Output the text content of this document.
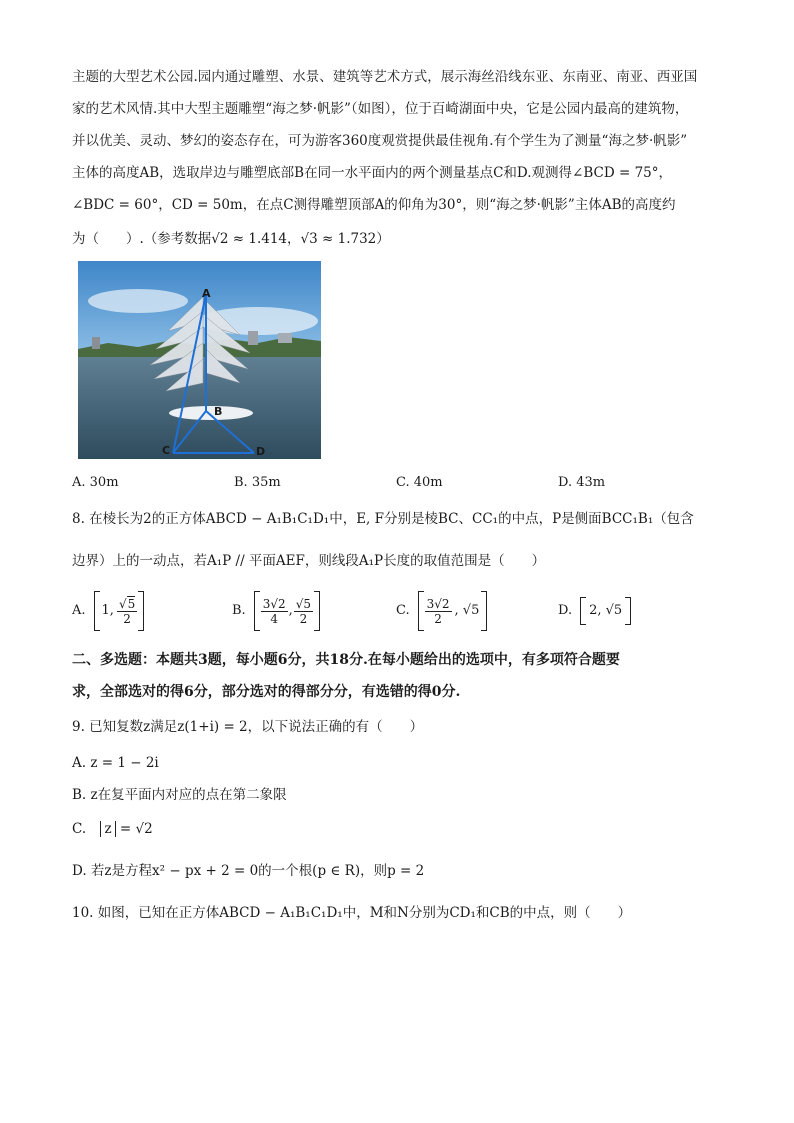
主题的大型艺术公园.园内通过雕塑、水景、建筑等艺术方式，展示海丝沿线东亚、东南亚、南亚、西亚国
家的艺术风情.其中大型主题雕塑“海之梦·帆影”（如图），位于百崎湖面中央，它是公园内最高的建筑物，
并以优美、灵动、梦幻的姿态存在，可为游客360度观赏提供最佳视角.有个学生为了测量“海之梦·帆影”
主体的高度AB，选取岸边与雕塑底部B在同一水平面内的两个测量基点C和D.观测得∠BCD = 75°，
∠BDC = 60°，CD = 50m，在点C测得雕塑顶部A的仰角为30°，则“海之梦·帆影”主体AB的高度约
为（　　）.（参考数据√2 ≈ 1.414，√3 ≈ 1.732）
A
B
C	D
A. 30m	B. 35m	C. 40m	D. 43m
8. 在棱长为2的正方体ABCD − A₁B₁C₁D₁中，E, F分别是棱BC、CC₁的中点，P是侧面BCC₁B₁（包含
边界）上的一动点，若A₁P // 平面AEF，则线段A₁P长度的取值范围是（　　）
A. 1, $\frac{√5}{2}$	B. $\frac{3√2}{4}$ , $\frac{√5}{2}$	C. $\frac{3√2}{2}$ , √5	D. 2, √5
二、多选题：本题共3题，每小题6分，共18分.在每小题给出的选项中，有多项符合题要
求，全部选对的得6分，部分选对的得部分分，有选错的得0分.
9. 已知复数z满足z(1+i) = 2，以下说法正确的有（　　）
A. z = 1 − 2i
B. z在复平面内对应的点在第二象限
C. z = √2
D. 若z是方程x² − px + 2 = 0的一个根(p ∈ R)，则p = 2
10. 如图，已知在正方体ABCD − A₁B₁C₁D₁中，M和N分别为CD₁和CB的中点，则（　　）
